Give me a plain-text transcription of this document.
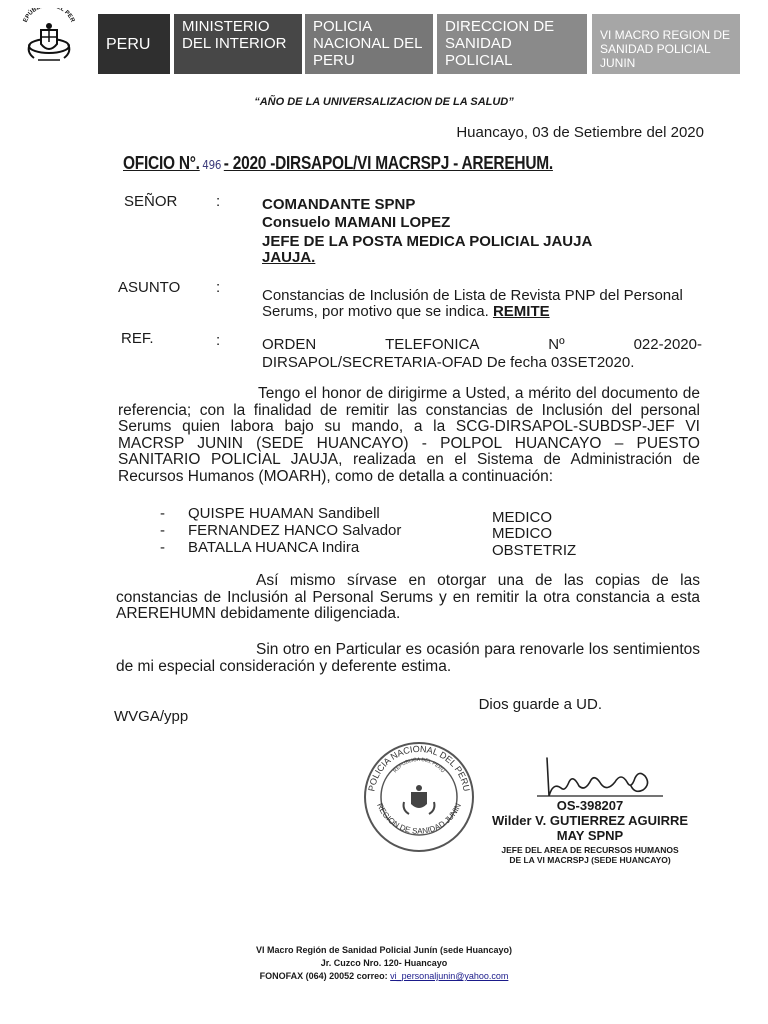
EPÚBL L PER
PERU
MINISTERIO DEL INTERIOR
POLICIA NACIONAL DEL PERU
DIRECCION DE SANIDAD POLICIAL
VI MACRO REGION DE SANIDAD POLICIAL JUNIN
“AÑO DE LA UNIVERSALIZACION DE LA SALUD”
Huancayo, 03 de Setiembre del 2020
OFICIO N°. 496 - 2020 -DIRSAPOL/VI MACRSPJ - AREREHUM.
SEÑOR	:	COMANDANTE SPNP
Consuelo MAMANI LOPEZ
JEFE DE LA POSTA MEDICA POLICIAL JAUJA
JAUJA.
ASUNTO :	Constancias de Inclusión de Lista de Revista PNP del Personal
Serums, por motivo que se indica. REMITE
REF.	:	ORDEN	TELEFONICA	Nº	022-2020-
DIRSAPOL/SECRETARIA-OFAD De fecha 03SET2020.
Tengo el honor de dirigirme a Usted, a mérito del documento de referencia; con la finalidad de remitir las constancias de Inclusión del personal Serums quien labora bajo su mando, a la SCG-DIRSAPOL-SUBDSP-JEF VI MACRSP JUNIN (SEDE HUANCAYO) - POLPOL HUANCAYO – PUESTO SANITARIO POLICIAL JAUJA, realizada en el Sistema de Administración de Recursos Humanos (MOARH), como de detalla a continuación:
- QUISPE HUAMAN Sandibell	MEDICO
- FERNANDEZ HANCO Salvador	MEDICO
- BATALLA HUANCA Indira	OBSTETRIZ
Así mismo sírvase en otorgar una de las copias de las constancias de Inclusión al Personal Serums y en remitir la otra constancia a esta AREREHUMN debidamente diligenciada.
Sin otro en Particular es ocasión para renovarle los sentimientos de mi especial consideración y deferente estima.
Dios guarde a UD.
WVGA/ypp
POLICIA NACIONAL DEL PERU
REGION DE SANIDAD JUNIN
REPUBLICA DEL PERU
OS-398207
Wilder V. GUTIERREZ AGUIRRE
MAY SPNP
JEFE DEL AREA DE RECURSOS HUMANOS
DE LA VI MACRSPJ (SEDE HUANCAYO)
VI Macro Región de Sanidad Policial Junín (sede Huancayo)
Jr. Cuzco Nro. 120- Huancayo
FONOFAX (064) 20052 correo: vi_personaljunin@yahoo.com
